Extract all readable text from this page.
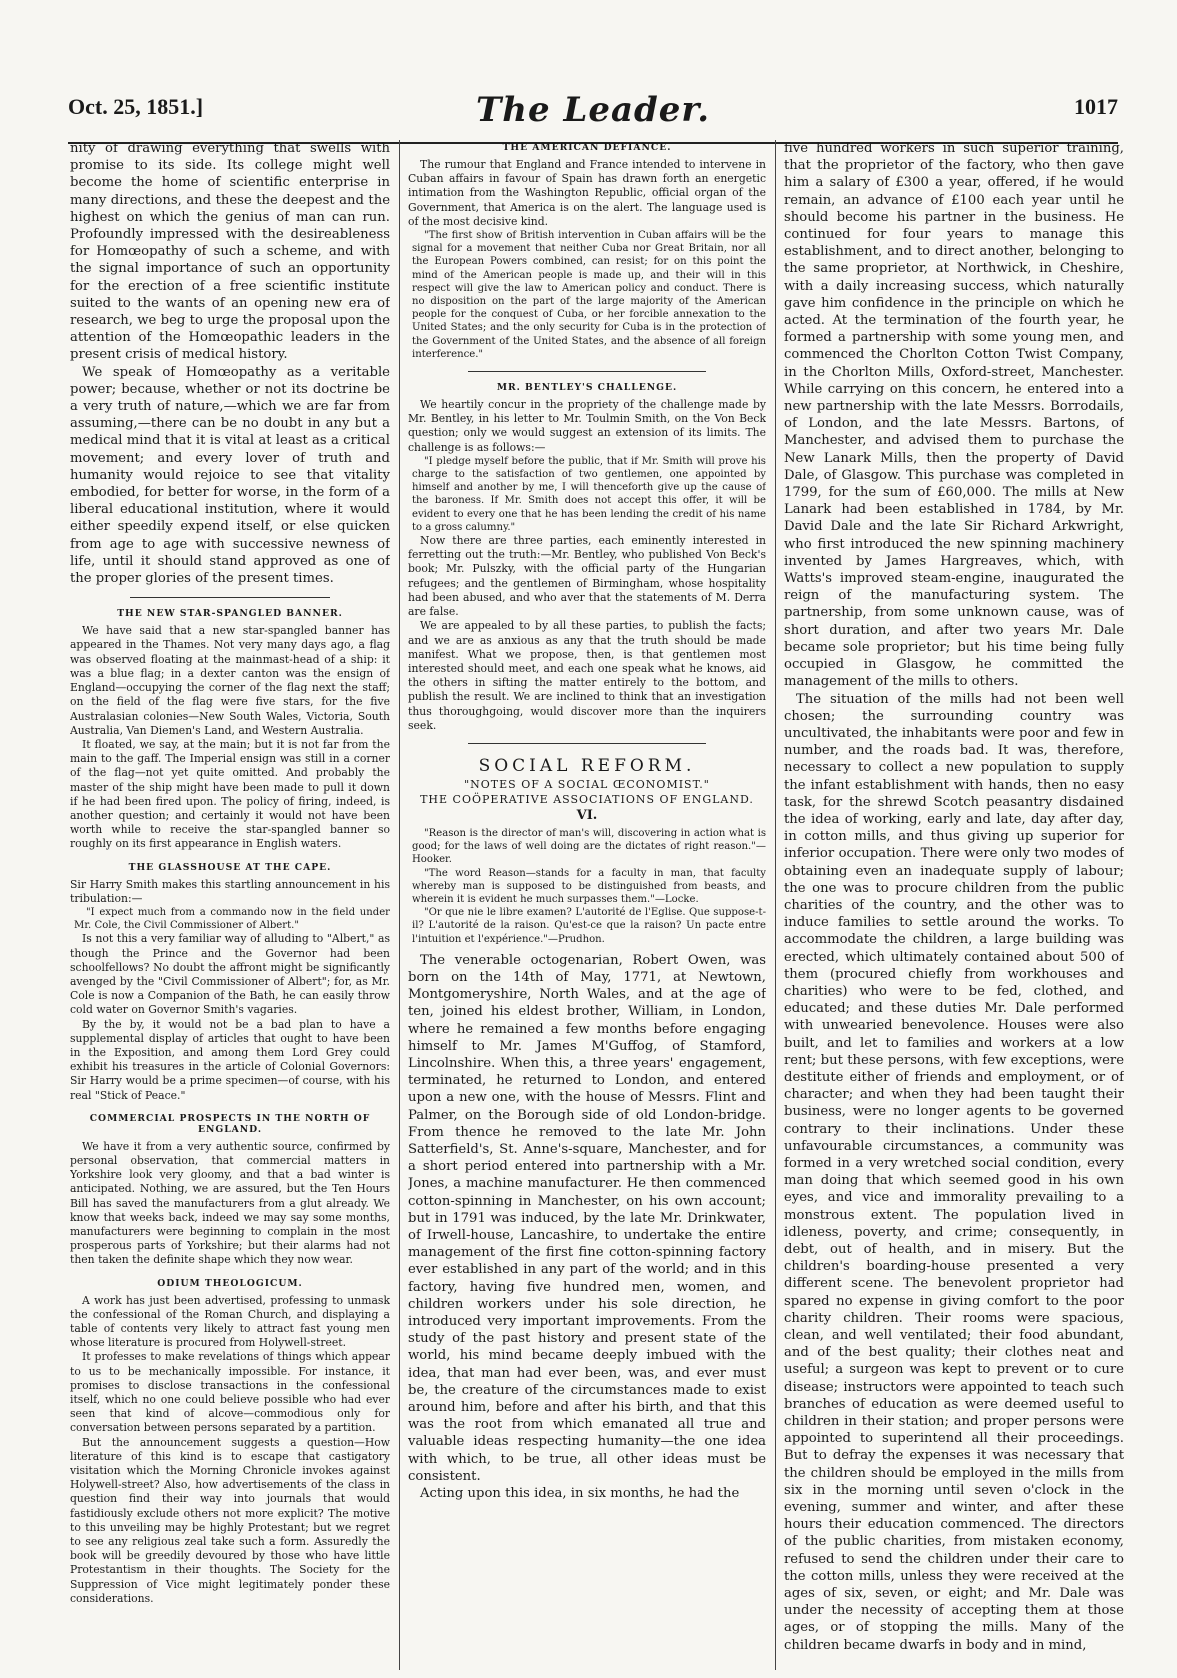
Oct. 25, 1851.]	The Leader.	1017

nity of drawing everything that swells with promise to its side. Its college might well become the home of scientific enterprise in many directions, and these the deepest and the highest on which the genius of man can run. Profoundly impressed with the desireableness for Homœopathy of such a scheme, and with the signal importance of such an opportunity for the erection of a free scientific institute suited to the wants of an opening new era of research, we beg to urge the proposal upon the attention of the Homœopathic leaders in the present crisis of medical history.

We speak of Homœopathy as a veritable power; because, whether or not its doctrine be a very truth of nature,—which we are far from assuming,—there can be no doubt in any but a medical mind that it is vital at least as a critical movement; and every lover of truth and humanity would rejoice to see that vitality embodied, for better for worse, in the form of a liberal educational institution, where it would either speedily expend itself, or else quicken from age to age with successive newness of life, until it should stand approved as one of the proper glories of the present times.

THE NEW STAR-SPANGLED BANNER.

We have said that a new star-spangled banner has appeared in the Thames. Not very many days ago, a flag was observed floating at the mainmast-head of a ship: it was a blue flag; in a dexter canton was the ensign of England—occupying the corner of the flag next the staff; on the field of the flag were five stars, for the five Australasian colonies—New South Wales, Victoria, South Australia, Van Diemen's Land, and Western Australia.

It floated, we say, at the main; but it is not far from the main to the gaff. The Imperial ensign was still in a corner of the flag—not yet quite omitted. And probably the master of the ship might have been made to pull it down if he had been fired upon. The policy of firing, indeed, is another question; and certainly it would not have been worth while to receive the star-spangled banner so roughly on its first appearance in English waters.

THE GLASSHOUSE AT THE CAPE.

Sir Harry Smith makes this startling announcement in his tribulation:—

"I expect much from a commando now in the field under Mr. Cole, the Civil Commissioner of Albert."

Is not this a very familiar way of alluding to "Albert," as though the Prince and the Governor had been schoolfellows? No doubt the affront might be significantly avenged by the "Civil Commissioner of Albert"; for, as Mr. Cole is now a Companion of the Bath, he can easily throw cold water on Governor Smith's vagaries.

By the by, it would not be a bad plan to have a supplemental display of articles that ought to have been in the Exposition, and among them Lord Grey could exhibit his treasures in the article of Colonial Governors: Sir Harry would be a prime specimen—of course, with his real "Stick of Peace."

COMMERCIAL PROSPECTS IN THE NORTH OF ENGLAND.

We have it from a very authentic source, confirmed by personal observation, that commercial matters in Yorkshire look very gloomy, and that a bad winter is anticipated. Nothing, we are assured, but the Ten Hours Bill has saved the manufacturers from a glut already. We know that weeks back, indeed we may say some months, manufacturers were beginning to complain in the most prosperous parts of Yorkshire; but their alarms had not then taken the definite shape which they now wear.

ODIUM THEOLOGICUM.

A work has just been advertised, professing to unmask the confessional of the Roman Church, and displaying a table of contents very likely to attract fast young men whose literature is procured from Holywell-street.

It professes to make revelations of things which appear to us to be mechanically impossible. For instance, it promises to disclose transactions in the confessional itself, which no one could believe possible who had ever seen that kind of alcove—commodious only for conversation between persons separated by a partition.

But the announcement suggests a question—How literature of this kind is to escape that castigatory visitation which the Morning Chronicle invokes against Holywell-street? Also, how advertisements of the class in question find their way into journals that would fastidiously exclude others not more explicit? The motive to this unveiling may be highly Protestant; but we regret to see any religious zeal take such a form. Assuredly the book will be greedily devoured by those who have little Protestantism in their thoughts. The Society for the Suppression of Vice might legitimately ponder these considerations.

THE AMERICAN DEFIANCE.

The rumour that England and France intended to intervene in Cuban affairs in favour of Spain has drawn forth an energetic intimation from the Washington Republic, official organ of the Government, that America is on the alert. The language used is of the most decisive kind.

"The first show of British intervention in Cuban affairs will be the signal for a movement that neither Cuba nor Great Britain, nor all the European Powers combined, can resist; for on this point the mind of the American people is made up, and their will in this respect will give the law to American policy and conduct. There is no disposition on the part of the large majority of the American people for the conquest of Cuba, or her forcible annexation to the United States; and the only security for Cuba is in the protection of the Government of the United States, and the absence of all foreign interference."

MR. BENTLEY'S CHALLENGE.

We heartily concur in the propriety of the challenge made by Mr. Bentley, in his letter to Mr. Toulmin Smith, on the Von Beck question; only we would suggest an extension of its limits. The challenge is as follows:—

"I pledge myself before the public, that if Mr. Smith will prove his charge to the satisfaction of two gentlemen, one appointed by himself and another by me, I will thenceforth give up the cause of the baroness. If Mr. Smith does not accept this offer, it will be evident to every one that he has been lending the credit of his name to a gross calumny."

Now there are three parties, each eminently interested in ferretting out the truth:—Mr. Bentley, who published Von Beck's book; Mr. Pulszky, with the official party of the Hungarian refugees; and the gentlemen of Birmingham, whose hospitality had been abused, and who aver that the statements of M. Derra are false.

We are appealed to by all these parties, to publish the facts; and we are as anxious as any that the truth should be made manifest. What we propose, then, is that gentlemen most interested should meet, and each one speak what he knows, aid the others in sifting the matter entirely to the bottom, and publish the result. We are inclined to think that an investigation thus thoroughgoing, would discover more than the inquirers seek.

SOCIAL REFORM.
"NOTES OF A SOCIAL ŒCONOMIST."
THE COÖPERATIVE ASSOCIATIONS OF ENGLAND.
VI.

"Reason is the director of man's will, discovering in action what is good; for the laws of well doing are the dictates of right reason."—Hooker.

"The word Reason—stands for a faculty in man, that faculty whereby man is supposed to be distinguished from beasts, and wherein it is evident he much surpasses them."—Locke.

"Or que nie le libre examen? L'autorité de l'Eglise. Que suppose-t-il? L'autorité de la raison. Qu'est-ce que la raison? Un pacte entre l'intuition et l'expérience."—Prudhon.

The venerable octogenarian, Robert Owen, was born on the 14th of May, 1771, at Newtown, Montgomeryshire, North Wales, and at the age of ten, joined his eldest brother, William, in London, where he remained a few months before engaging himself to Mr. James M'Guffog, of Stamford, Lincolnshire. When this, a three years' engagement, terminated, he returned to London, and entered upon a new one, with the house of Messrs. Flint and Palmer, on the Borough side of old London-bridge. From thence he removed to the late Mr. John Satterfield's, St. Anne's-square, Manchester, and for a short period entered into partnership with a Mr. Jones, a machine manufacturer. He then commenced cotton-spinning in Manchester, on his own account; but in 1791 was induced, by the late Mr. Drinkwater, of Irwell-house, Lancashire, to undertake the entire management of the first fine cotton-spinning factory ever established in any part of the world; and in this factory, having five hundred men, women, and children workers under his sole direction, he introduced very important improvements. From the study of the past history and present state of the world, his mind became deeply imbued with the idea, that man had ever been, was, and ever must be, the creature of the circumstances made to exist around him, before and after his birth, and that this was the root from which emanated all true and valuable ideas respecting humanity—the one idea with which, to be true, all other ideas must be consistent.

Acting upon this idea, in six months, he had the

five hundred workers in such superior training, that the proprietor of the factory, who then gave him a salary of £300 a year, offered, if he would remain, an advance of £100 each year until he should become his partner in the business. He continued for four years to manage this establishment, and to direct another, belonging to the same proprietor, at Northwick, in Cheshire, with a daily increasing success, which naturally gave him confidence in the principle on which he acted. At the termination of the fourth year, he formed a partnership with some young men, and commenced the Chorlton Cotton Twist Company, in the Chorlton Mills, Oxford-street, Manchester. While carrying on this concern, he entered into a new partnership with the late Messrs. Borrodails, of London, and the late Messrs. Bartons, of Manchester, and advised them to purchase the New Lanark Mills, then the property of David Dale, of Glasgow. This purchase was completed in 1799, for the sum of £60,000. The mills at New Lanark had been established in 1784, by Mr. David Dale and the late Sir Richard Arkwright, who first introduced the new spinning machinery invented by James Hargreaves, which, with Watts's improved steam-engine, inaugurated the reign of the manufacturing system. The partnership, from some unknown cause, was of short duration, and after two years Mr. Dale became sole proprietor; but his time being fully occupied in Glasgow, he committed the management of the mills to others.

The situation of the mills had not been well chosen; the surrounding country was uncultivated, the inhabitants were poor and few in number, and the roads bad. It was, therefore, necessary to collect a new population to supply the infant establishment with hands, then no easy task, for the shrewd Scotch peasantry disdained the idea of working, early and late, day after day, in cotton mills, and thus giving up superior for inferior occupation. There were only two modes of obtaining even an inadequate supply of labour; the one was to procure children from the public charities of the country, and the other was to induce families to settle around the works. To accommodate the children, a large building was erected, which ultimately contained about 500 of them (procured chiefly from workhouses and charities) who were to be fed, clothed, and educated; and these duties Mr. Dale performed with unwearied benevolence. Houses were also built, and let to families and workers at a low rent; but these persons, with few exceptions, were destitute either of friends and employment, or of character; and when they had been taught their business, were no longer agents to be governed contrary to their inclinations. Under these unfavourable circumstances, a community was formed in a very wretched social condition, every man doing that which seemed good in his own eyes, and vice and immorality prevailing to a monstrous extent. The population lived in idleness, poverty, and crime; consequently, in debt, out of health, and in misery. But the children's boarding-house presented a very different scene. The benevolent proprietor had spared no expense in giving comfort to the poor charity children. Their rooms were spacious, clean, and well ventilated; their food abundant, and of the best quality; their clothes neat and useful; a surgeon was kept to prevent or to cure disease; instructors were appointed to teach such branches of education as were deemed useful to children in their station; and proper persons were appointed to superintend all their proceedings. But to defray the expenses it was necessary that the children should be employed in the mills from six in the morning until seven o'clock in the evening, summer and winter, and after these hours their education commenced. The directors of the public charities, from mistaken economy, refused to send the children under their care to the cotton mills, unless they were received at the ages of six, seven, or eight; and Mr. Dale was under the necessity of accepting them at those ages, or of stopping the mills. Many of the children became dwarfs in body and in mind,
